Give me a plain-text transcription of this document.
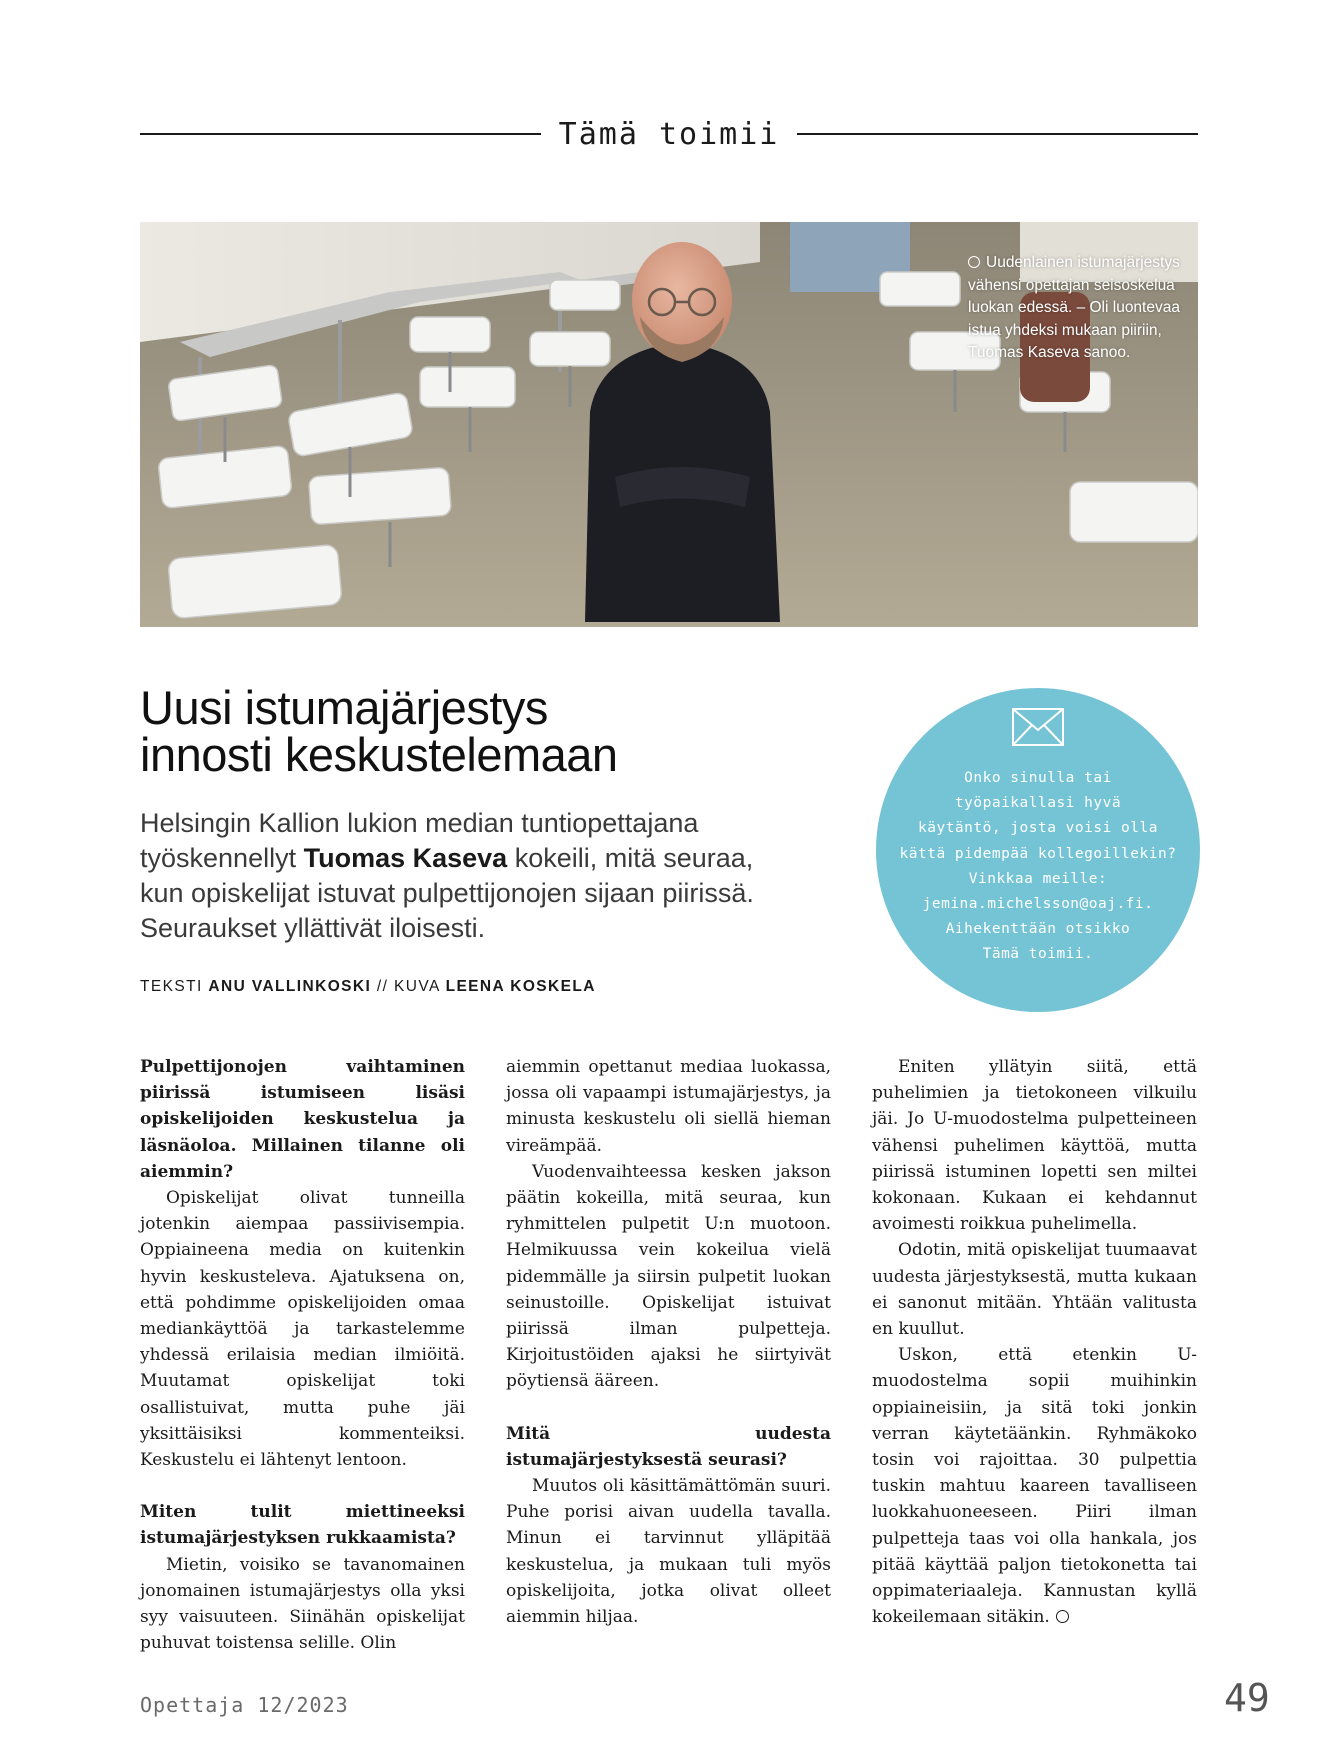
Tämä toimii
Uudenlainen istumajärjestys vähensi opettajan seisoskelua luokan edessä. – Oli luontevaa istua yhdeksi mukaan piiriin, Tuomas Kaseva sanoo.
Uusi istumajärjestys
innosti keskustelemaan

Helsingin Kallion lukion median tuntiopettajana työskennellyt Tuomas Kaseva kokeili, mitä seuraa, kun opiskelijat istuvat pulpettijonojen sijaan piirissä. Seuraukset yllättivät iloisesti.

TEKSTI ANU VALLINKOSKI // KUVA LEENA KOSKELA
Onko sinulla tai
työpaikallasi hyvä
käytäntö, josta voisi olla
kättä pidempää kollegoillekin?
Vinkkaa meille:
jemina.michelsson@oaj.fi.
Aihekenttään otsikko
Tämä toimii.

Pulpettijonojen vaihtaminen piirissä istumiseen lisäsi opiskelijoiden keskustelua ja läsnäoloa. Millainen tilanne oli aiemmin?

Opiskelijat olivat tunneilla jotenkin aiempaa passiivisempia. Oppiaineena media on kuitenkin hyvin keskusteleva. Ajatuksena on, että pohdimme opiskelijoiden omaa mediankäyttöä ja tarkastelemme yhdessä erilaisia median ilmiöitä. Muutamat opiskelijat toki osallistuivat, mutta puhe jäi yksittäisiksi kommenteiksi. Keskustelu ei lähtenyt lentoon.

Miten tulit miettineeksi istumajärjestyksen rukkaamista?

Mietin, voisiko se tavanomainen jonomainen istumajärjestys olla yksi syy vaisuuteen. Siinähän opiskelijat puhuvat toistensa selille. Olin

aiemmin opettanut mediaa luokassa, jossa oli vapaampi istumajärjestys, ja minusta keskustelu oli siellä hieman vireämpää.

Vuodenvaihteessa kesken jakson päätin kokeilla, mitä seuraa, kun ryhmittelen pulpetit U:n muotoon. Helmikuussa vein kokeilua vielä pidemmälle ja siirsin pulpetit luokan seinustoille. Opiskelijat istuivat piirissä ilman pulpetteja. Kirjoitustöiden ajaksi he siirtyivät pöytiensä ääreen.

Mitä uudesta istumajärjestyksestä seurasi?

Muutos oli käsittämättömän suuri. Puhe porisi aivan uudella tavalla. Minun ei tarvinnut ylläpitää keskustelua, ja mukaan tuli myös opiskelijoita, jotka olivat olleet aiemmin hiljaa.

Eniten yllätyin siitä, että puhelimien ja tietokoneen vilkuilu jäi. Jo U-muodostelma pulpetteineen vähensi puhelimen käyttöä, mutta piirissä istuminen lopetti sen miltei kokonaan. Kukaan ei kehdannut avoimesti roikkua puhelimella.

Odotin, mitä opiskelijat tuumaavat uudesta järjestyksestä, mutta kukaan ei sanonut mitään. Yhtään valitusta en kuullut.

Uskon, että etenkin U-muodostelma sopii muihinkin oppiaineisiin, ja sitä toki jonkin verran käytetäänkin. Ryhmäkoko tosin voi rajoittaa. 30 pulpettia tuskin mahtuu kaareen tavalliseen luokkahuoneeseen. Piiri ilman pulpetteja taas voi olla hankala, jos pitää käyttää paljon tietokonetta tai oppimateriaaleja. Kannustan kyllä kokeilemaan sitäkin.

Opettaja 12/2023	49
